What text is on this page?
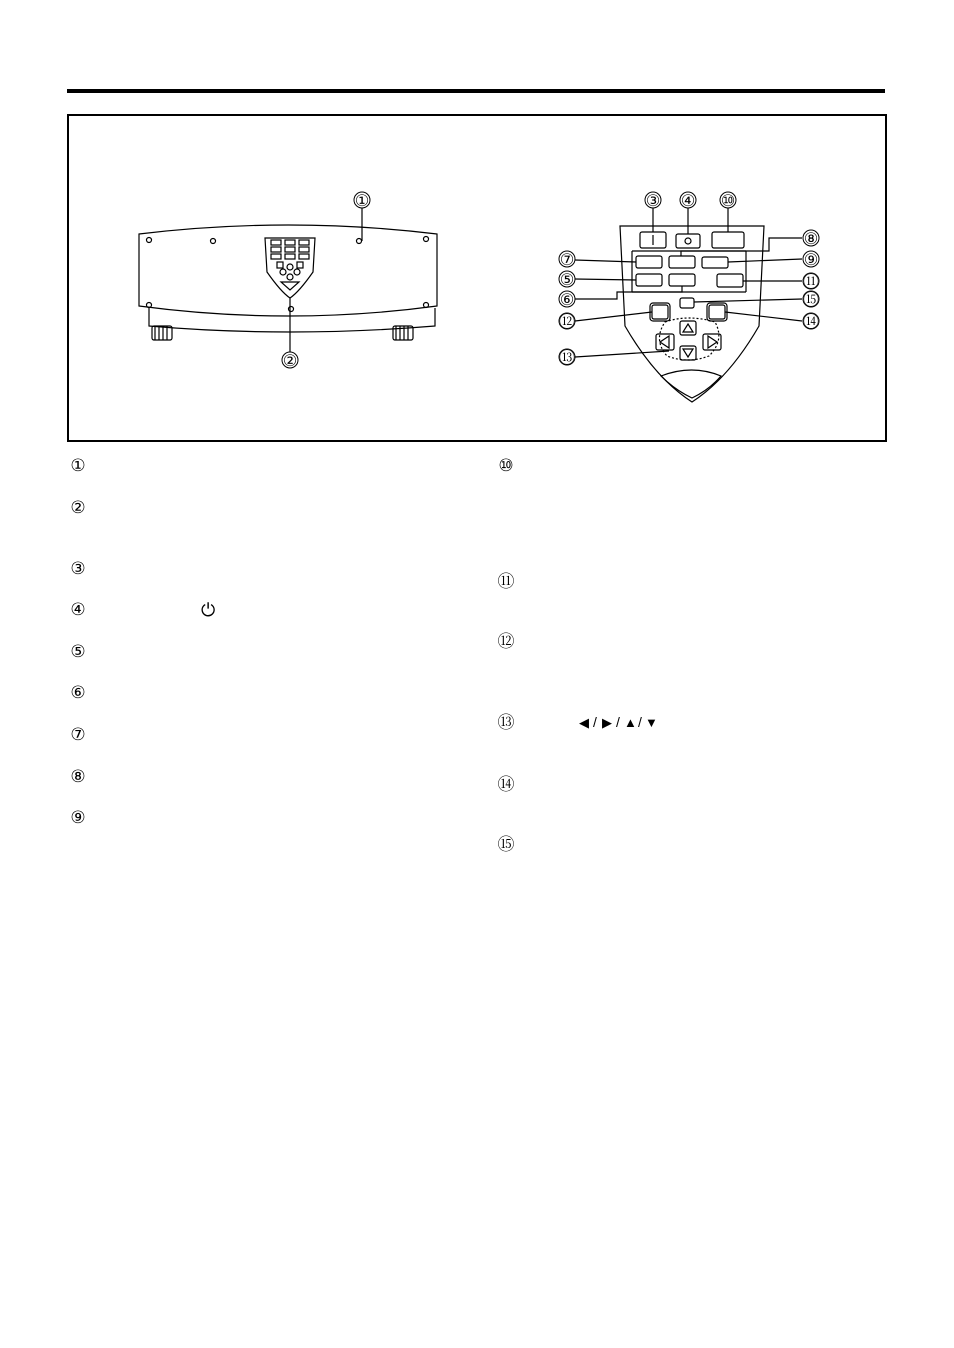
①
②
③ ④ ⑩
⑦
⑧
⑨
⑤	⑪
⑥	⑮
⑫	⑭
⑬
①
②
③
④
⑤
⑥
⑦
⑧
⑨
⏻
⑩
⑪
⑫
⑬
⑭
⑮
◀ / ▶ / ▲ / ▼
